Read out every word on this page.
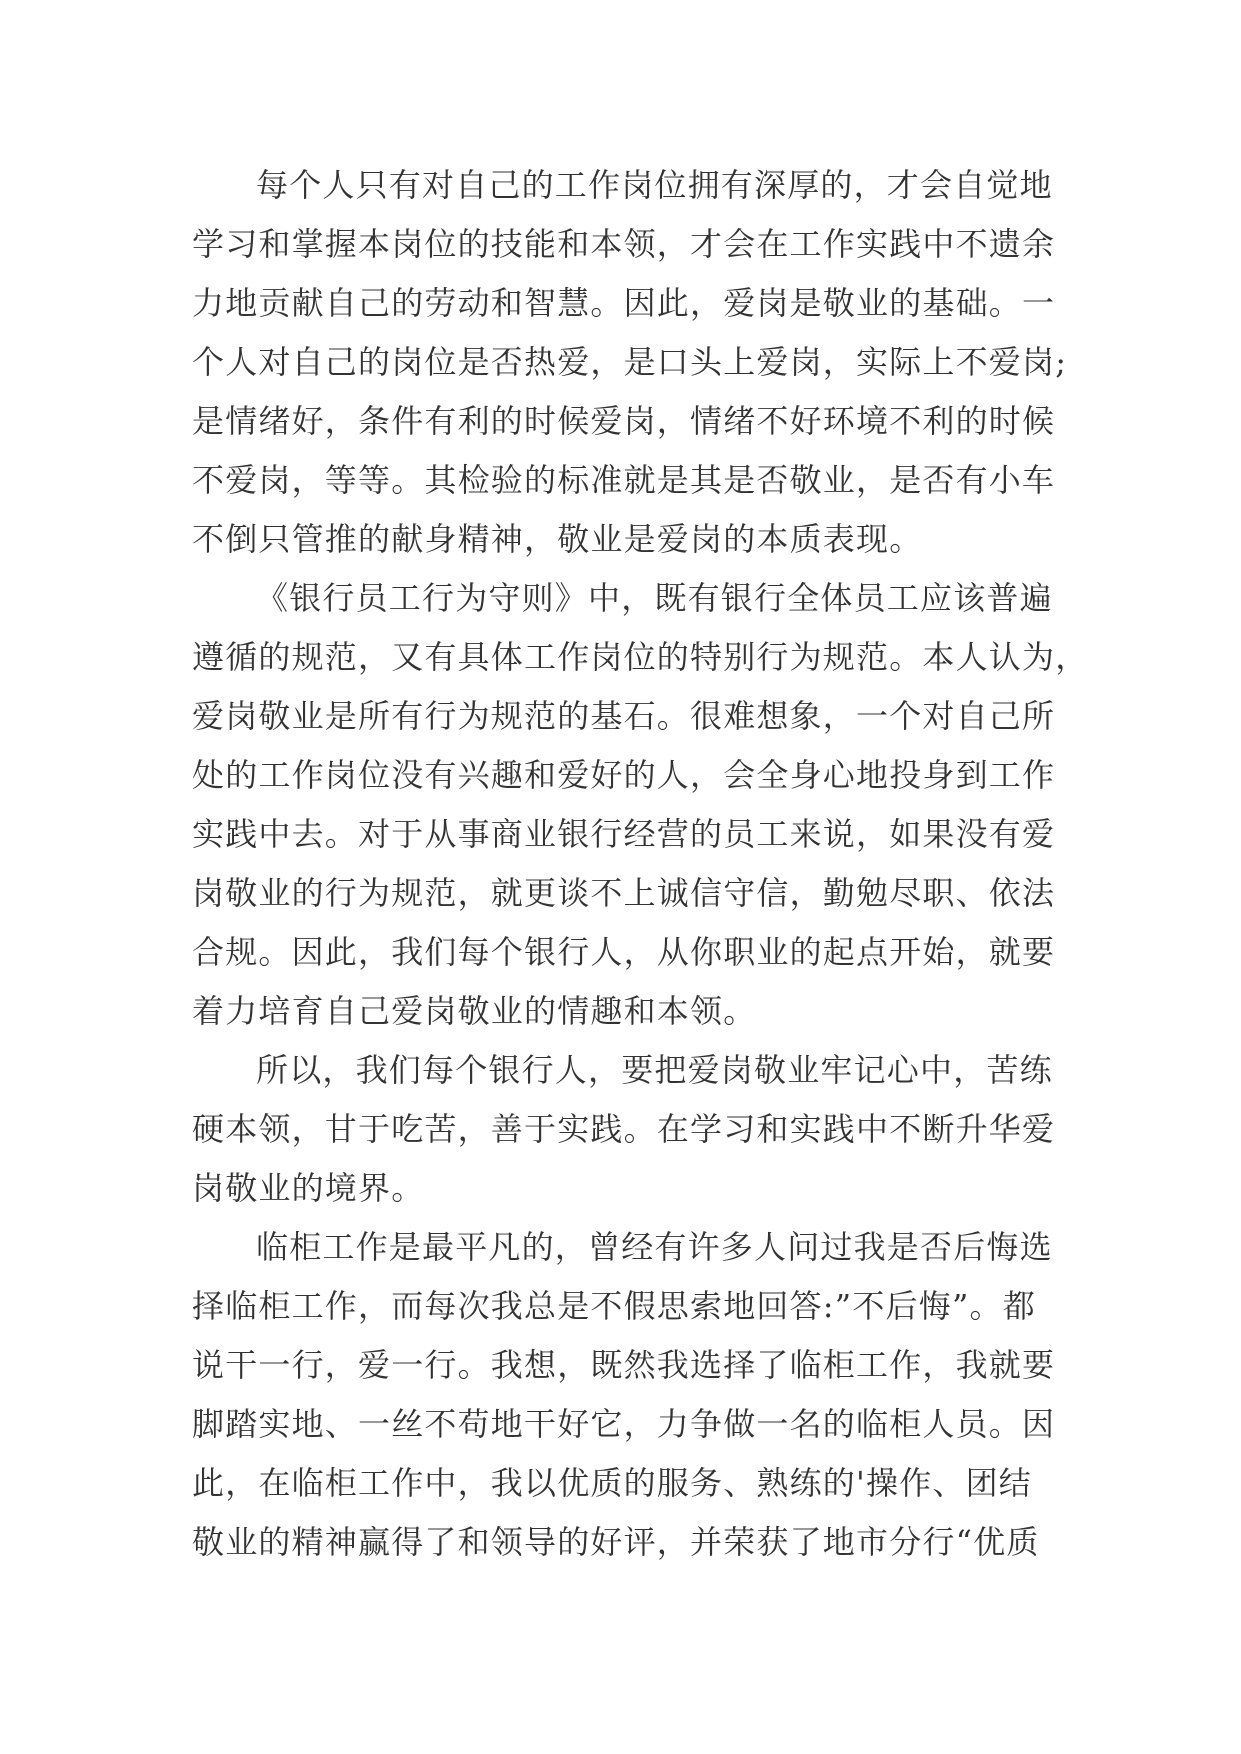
每个人只有对自己的工作岗位拥有深厚的，才会自觉地
学习和掌握本岗位的技能和本领，才会在工作实践中不遗余
力地贡献自己的劳动和智慧。因此，爱岗是敬业的基础。一
个人对自己的岗位是否热爱，是口头上爱岗，实际上不爱岗;
是情绪好，条件有利的时候爱岗，情绪不好环境不利的时候
不爱岗，等等。其检验的标准就是其是否敬业，是否有小车
不倒只管推的献身精神，敬业是爱岗的本质表现。
《银行员工行为守则》中，既有银行全体员工应该普遍
遵循的规范，又有具体工作岗位的特别行为规范。本人认为，
爱岗敬业是所有行为规范的基石。很难想象，一个对自己所
处的工作岗位没有兴趣和爱好的人，会全身心地投身到工作
实践中去。对于从事商业银行经营的员工来说，如果没有爱
岗敬业的行为规范，就更谈不上诚信守信，勤勉尽职、依法
合规。因此，我们每个银行人，从你职业的起点开始，就要
着力培育自己爱岗敬业的情趣和本领。
所以，我们每个银行人，要把爱岗敬业牢记心中，苦练
硬本领，甘于吃苦，善于实践。在学习和实践中不断升华爱
岗敬业的境界。
临柜工作是最平凡的，曾经有许多人问过我是否后悔选
择临柜工作，而每次我总是不假思索地回答:”不后悔”。都
说干一行，爱一行。我想，既然我选择了临柜工作，我就要
脚踏实地、一丝不苟地干好它，力争做一名的临柜人员。因
此，在临柜工作中，我以优质的服务、熟练的'操作、团结
敬业的精神赢得了和领导的好评，并荣获了地市分行“优质
